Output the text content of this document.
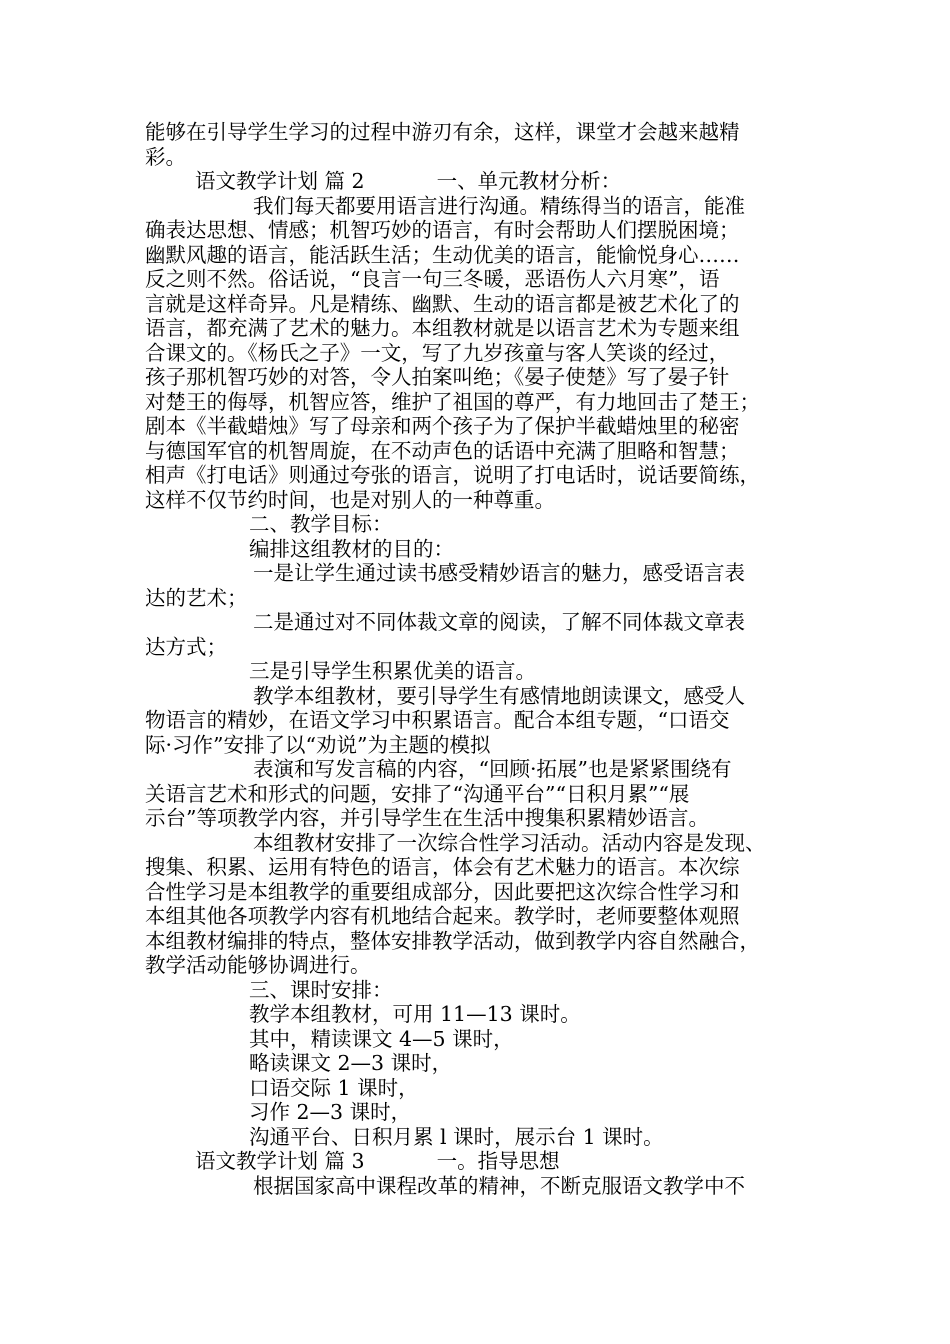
能够在引导学生学习的过程中游刃有余，这样，课堂才会越来越精

彩。

语文教学计划 篇 2	一、单元教材分析：

我们每天都要用语言进行沟通。精练得当的语言，能准

确表达思想、情感；机智巧妙的语言，有时会帮助人们摆脱困境；

幽默风趣的语言，能活跃生活；生动优美的语言，能愉悦身心……

反之则不然。俗话说，“良言一句三冬暖，恶语伤人六月寒”，语

言就是这样奇异。凡是精练、幽默、生动的语言都是被艺术化了的

语言，都充满了艺术的魅力。本组教材就是以语言艺术为专题来组

合课文的。《杨氏之子》一文，写了九岁孩童与客人笑谈的经过，

孩子那机智巧妙的对答，令人拍案叫绝；《晏子使楚》写了晏子针

对楚王的侮辱，机智应答，维护了祖国的尊严，有力地回击了楚王；

剧本《半截蜡烛》写了母亲和两个孩子为了保护半截蜡烛里的秘密

与德国军官的机智周旋，在不动声色的话语中充满了胆略和智慧；

相声《打电话》则通过夸张的语言，说明了打电话时，说话要简练，

这样不仅节约时间，也是对别人的一种尊重。

二、教学目标：

编排这组教材的目的：

一是让学生通过读书感受精妙语言的魅力，感受语言表

达的艺术；

二是通过对不同体裁文章的阅读，了解不同体裁文章表

达方式；

三是引导学生积累优美的语言。

教学本组教材，要引导学生有感情地朗读课文，感受人

物语言的精妙，在语文学习中积累语言。配合本组专题，“口语交

际·习作”安排了以“劝说”为主题的模拟

表演和写发言稿的内容，“回顾·拓展”也是紧紧围绕有

关语言艺术和形式的问题，安排了“沟通平台”“日积月累”“展

示台”等项教学内容，并引导学生在生活中搜集积累精妙语言。

本组教材安排了一次综合性学习活动。活动内容是发现、

搜集、积累、运用有特色的语言，体会有艺术魅力的语言。本次综

合性学习是本组教学的重要组成部分，因此要把这次综合性学习和

本组其他各项教学内容有机地结合起来。教学时，老师要整体观照

本组教材编排的特点，整体安排教学活动，做到教学内容自然融合，

教学活动能够协调进行。

三、课时安排：

教学本组教材，可用 11—13 课时。

其中，精读课文 4—5 课时，

略读课文 2—3 课时，

口语交际 1 课时，

习作 2—3 课时，

沟通平台、日积月累 l 课时，展示台 1 课时。

语文教学计划 篇 3	一。指导思想

根据国家高中课程改革的精神，不断克服语文教学中不
